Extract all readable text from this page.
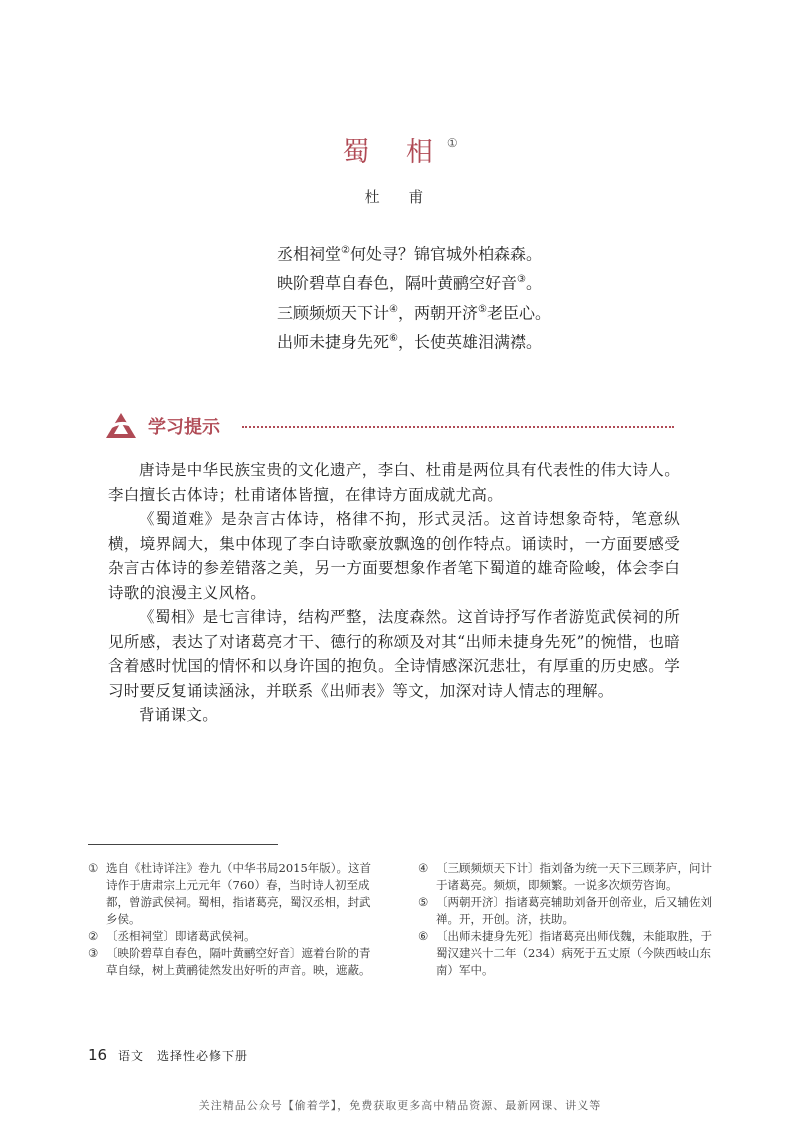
蜀 相①
杜 甫
丞相祠堂②何处寻？锦官城外柏森森。
映阶碧草自春色，隔叶黄鹂空好音③。
三顾频烦天下计④，两朝开济⑤老臣心。
出师未捷身先死⑥，长使英雄泪满襟。
学习提示

唐诗是中华民族宝贵的文化遗产，李白、杜甫是两位具有代表性的伟大诗人。李白擅长古体诗；杜甫诸体皆擅，在律诗方面成就尤高。

《蜀道难》是杂言古体诗，格律不拘，形式灵活。这首诗想象奇特，笔意纵横，境界阔大，集中体现了李白诗歌豪放飘逸的创作特点。诵读时，一方面要感受杂言古体诗的参差错落之美，另一方面要想象作者笔下蜀道的雄奇险峻，体会李白诗歌的浪漫主义风格。

《蜀相》是七言律诗，结构严整，法度森然。这首诗抒写作者游览武侯祠的所见所感，表达了对诸葛亮才干、德行的称颂及对其“出师未捷身先死”的惋惜，也暗含着感时忧国的情怀和以身许国的抱负。全诗情感深沉悲壮，有厚重的历史感。学习时要反复诵读涵泳，并联系《出师表》等文，加深对诗人情志的理解。

背诵课文。

① 选自《杜诗详注》卷九（中华书局2015年版）。这首诗作于唐肃宗上元元年（760）春，当时诗人初至成都，曾游武侯祠。蜀相，指诸葛亮，蜀汉丞相，封武乡侯。
② 〔丞相祠堂〕即诸葛武侯祠。
③ 〔映阶碧草自春色，隔叶黄鹂空好音〕遮着台阶的青草自绿，树上黄鹂徒然发出好听的声音。映，遮蔽。
④ 〔三顾频烦天下计〕指刘备为统一天下三顾茅庐，问计于诸葛亮。频烦，即频繁。一说多次烦劳咨询。
⑤ 〔两朝开济〕指诸葛亮辅助刘备开创帝业，后又辅佐刘禅。开，开创。济，扶助。
⑥ 〔出师未捷身先死〕指诸葛亮出师伐魏，未能取胜，于蜀汉建兴十二年（234）病死于五丈原（今陕西岐山东南）军中。
16 语文　选择性必修下册
关注精品公众号【偷着学】，免费获取更多高中精品资源、最新网课、讲义等
